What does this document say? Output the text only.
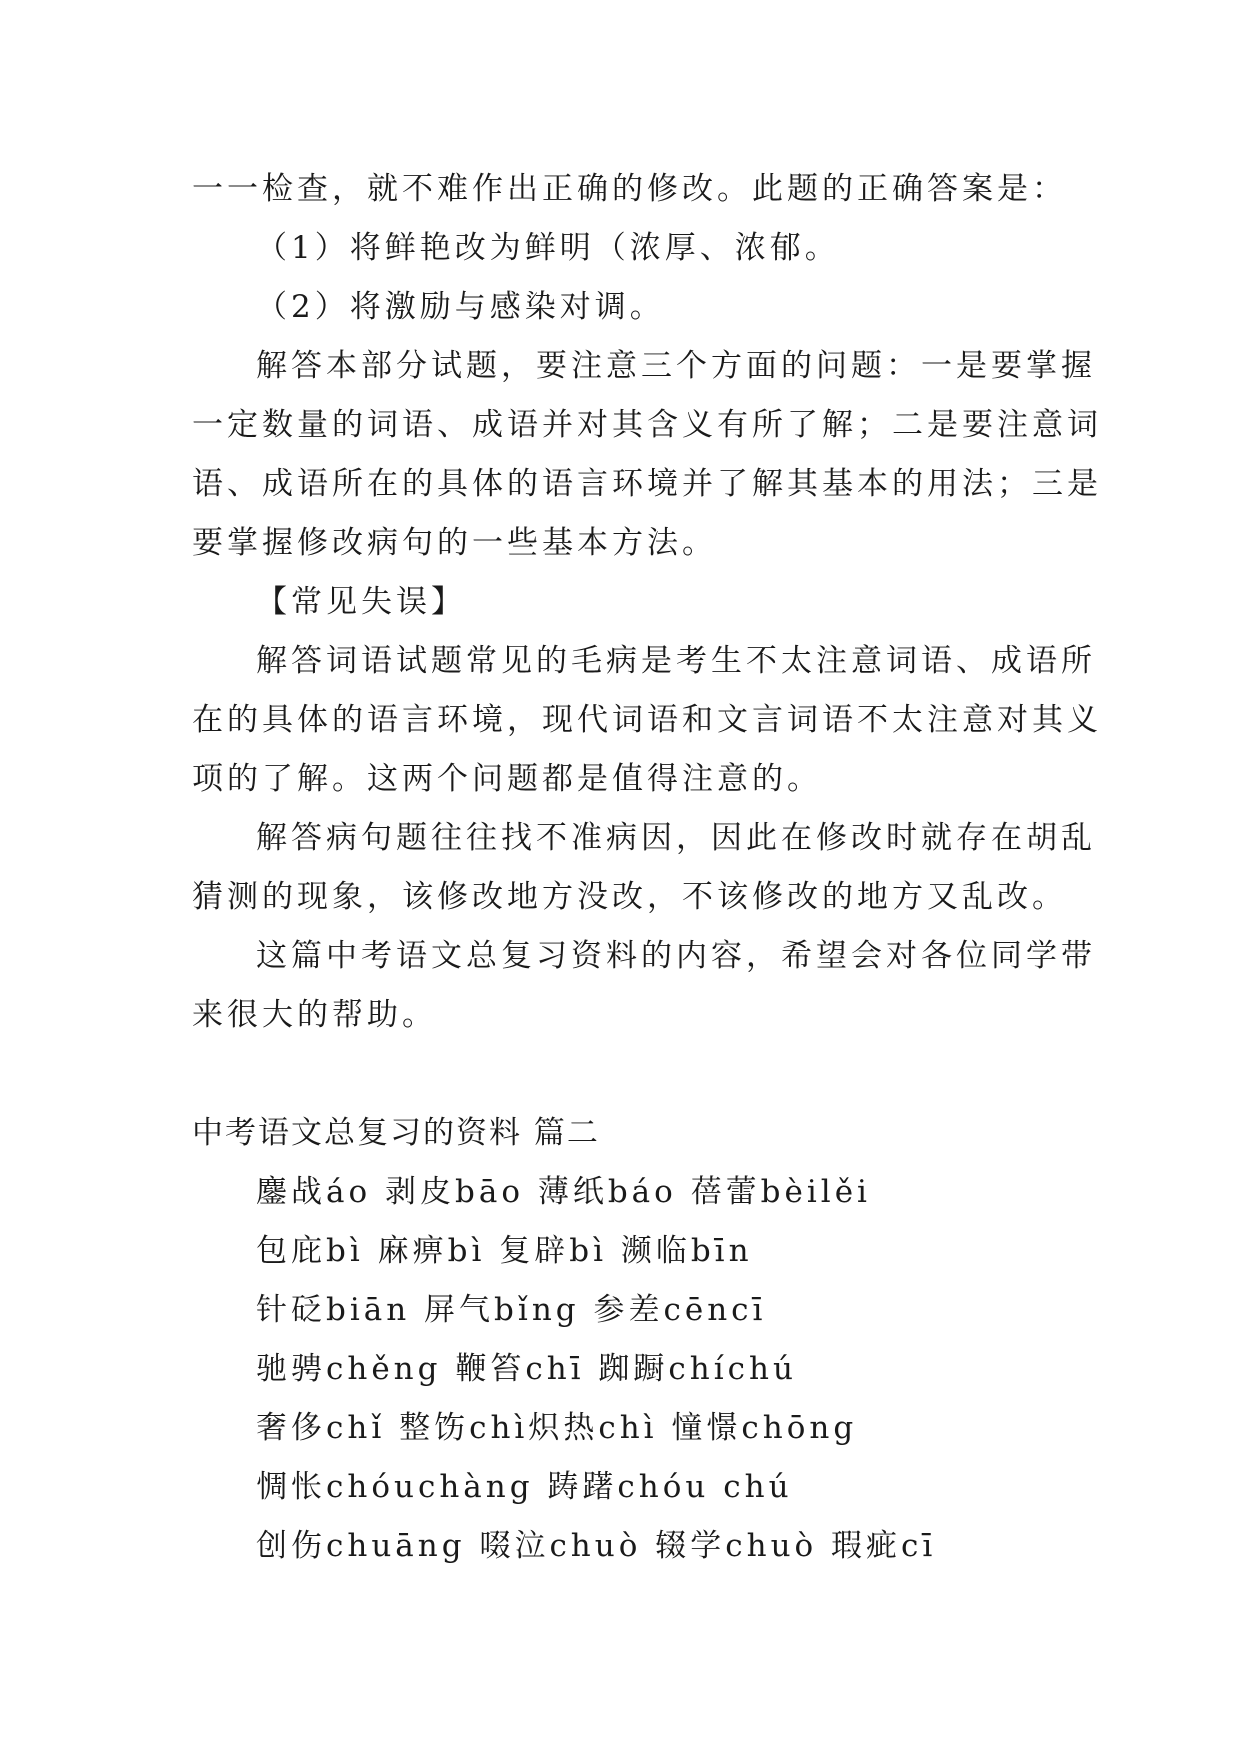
一一检查，就不难作出正确的修改。此题的正确答案是：
（1）将鲜艳改为鲜明（浓厚、浓郁。
（2）将激励与感染对调。
解答本部分试题，要注意三个方面的问题：一是要掌握
一定数量的词语、成语并对其含义有所了解；二是要注意词
语、成语所在的具体的语言环境并了解其基本的用法；三是
要掌握修改病句的一些基本方法。
【常见失误】
解答词语试题常见的毛病是考生不太注意词语、成语所
在的具体的语言环境，现代词语和文言词语不太注意对其义
项的了解。这两个问题都是值得注意的。
解答病句题往往找不准病因，因此在修改时就存在胡乱
猜测的现象，该修改地方没改，不该修改的地方又乱改。
这篇中考语文总复习资料的内容，希望会对各位同学带
来很大的帮助。
中考语文总复习的资料 篇二
鏖战áo 剥皮bāo 薄纸báo 蓓蕾bèilěi
包庇bì 麻痹bì 复辟bì 濒临bīn
针砭biān 屏气bǐng 参差cēncī
驰骋chěng 鞭笞chī 踟蹰chíchú
奢侈chǐ 整饬chì炽热chì 憧憬chōng
惆怅chóuchàng 踌躇chóu chú
创伤chuāng 啜泣chuò 辍学chuò 瑕疵cī
